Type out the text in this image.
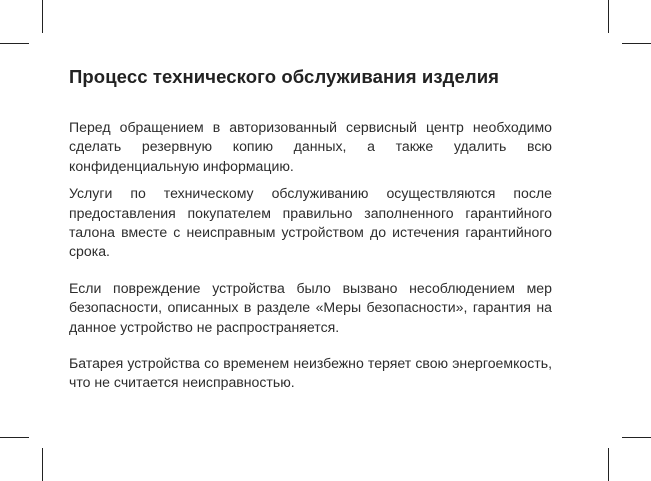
Процесс технического обслуживания изделия

Перед обращением в авторизованный сервисный центр необходимо сделать резервную копию данных, а также удалить всю конфиденциальную информацию.

Услуги по техническому обслуживанию осуществляются после предоставления покупателем правильно заполненного гарантийного талона вместе с неисправным устройством до истечения гарантийного срока.

Если повреждение устройства было вызвано несоблюдением мер безопасности, описанных в разделе «Меры безопасности», гарантия на данное устройство не распространяется.

Батарея устройства со временем неизбежно теряет свою энергоемкость, что не считается неисправностью.
